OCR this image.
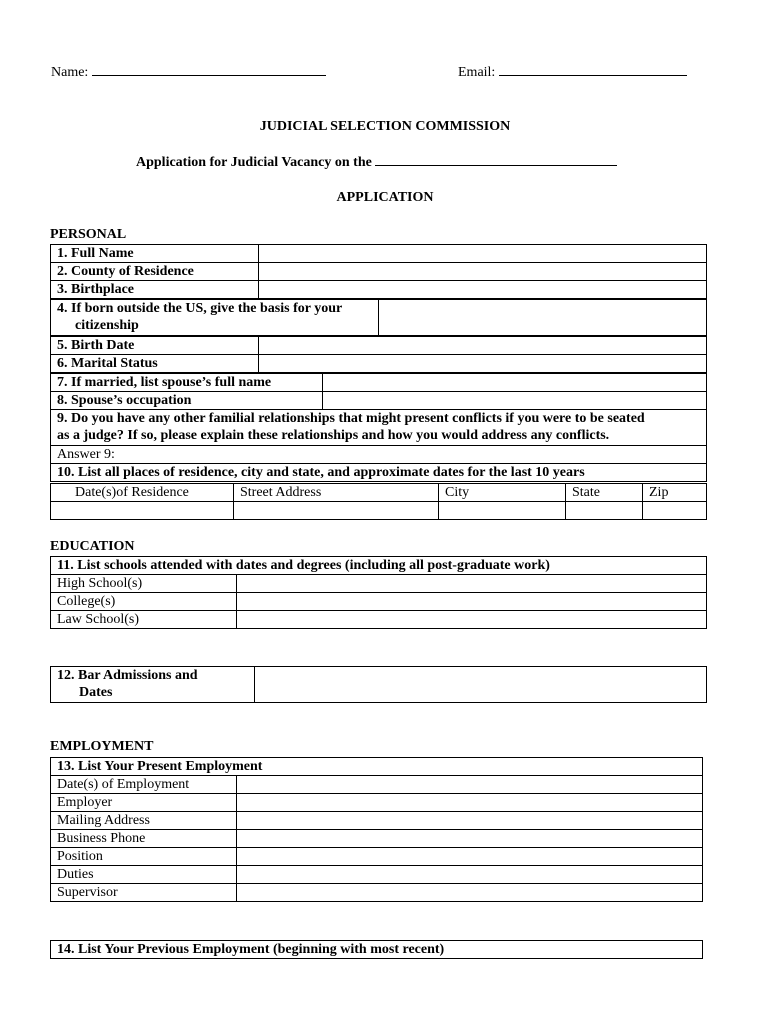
Name:	Email:
JUDICIAL SELECTION COMMISSION
Application for Judicial Vacancy on the
APPLICATION
PERSONAL
1. Full Name	
2. County of Residence	
3. Birthplace	
4. If born outside the US, give the basis for your
citizenship

5. Birth Date	
6. Marital Status	
7. If married, list spouse’s full name	
8. Spouse’s occupation	
9. Do you have any other familial relationships that might present conflicts if you were to be seated
as a judge? If so, please explain these relationships and how you would address any conflicts.

Answer 9:
10. List all places of residence, city and state, and approximate dates for the last 10 years
Date(s)of Residence	Street Address	City	State	Zip

EDUCATION
11. List schools attended with dates and degrees (including all post-graduate work)	
High School(s)	
College(s)	
Law School(s)	
12. Bar Admissions and
Dates

EMPLOYMENT
13. List Your Present Employment	
Date(s) of Employment	
Employer	
Mailing Address	
Business Phone	
Position	
Duties	
Supervisor	
14. List Your Previous Employment (beginning with most recent)
